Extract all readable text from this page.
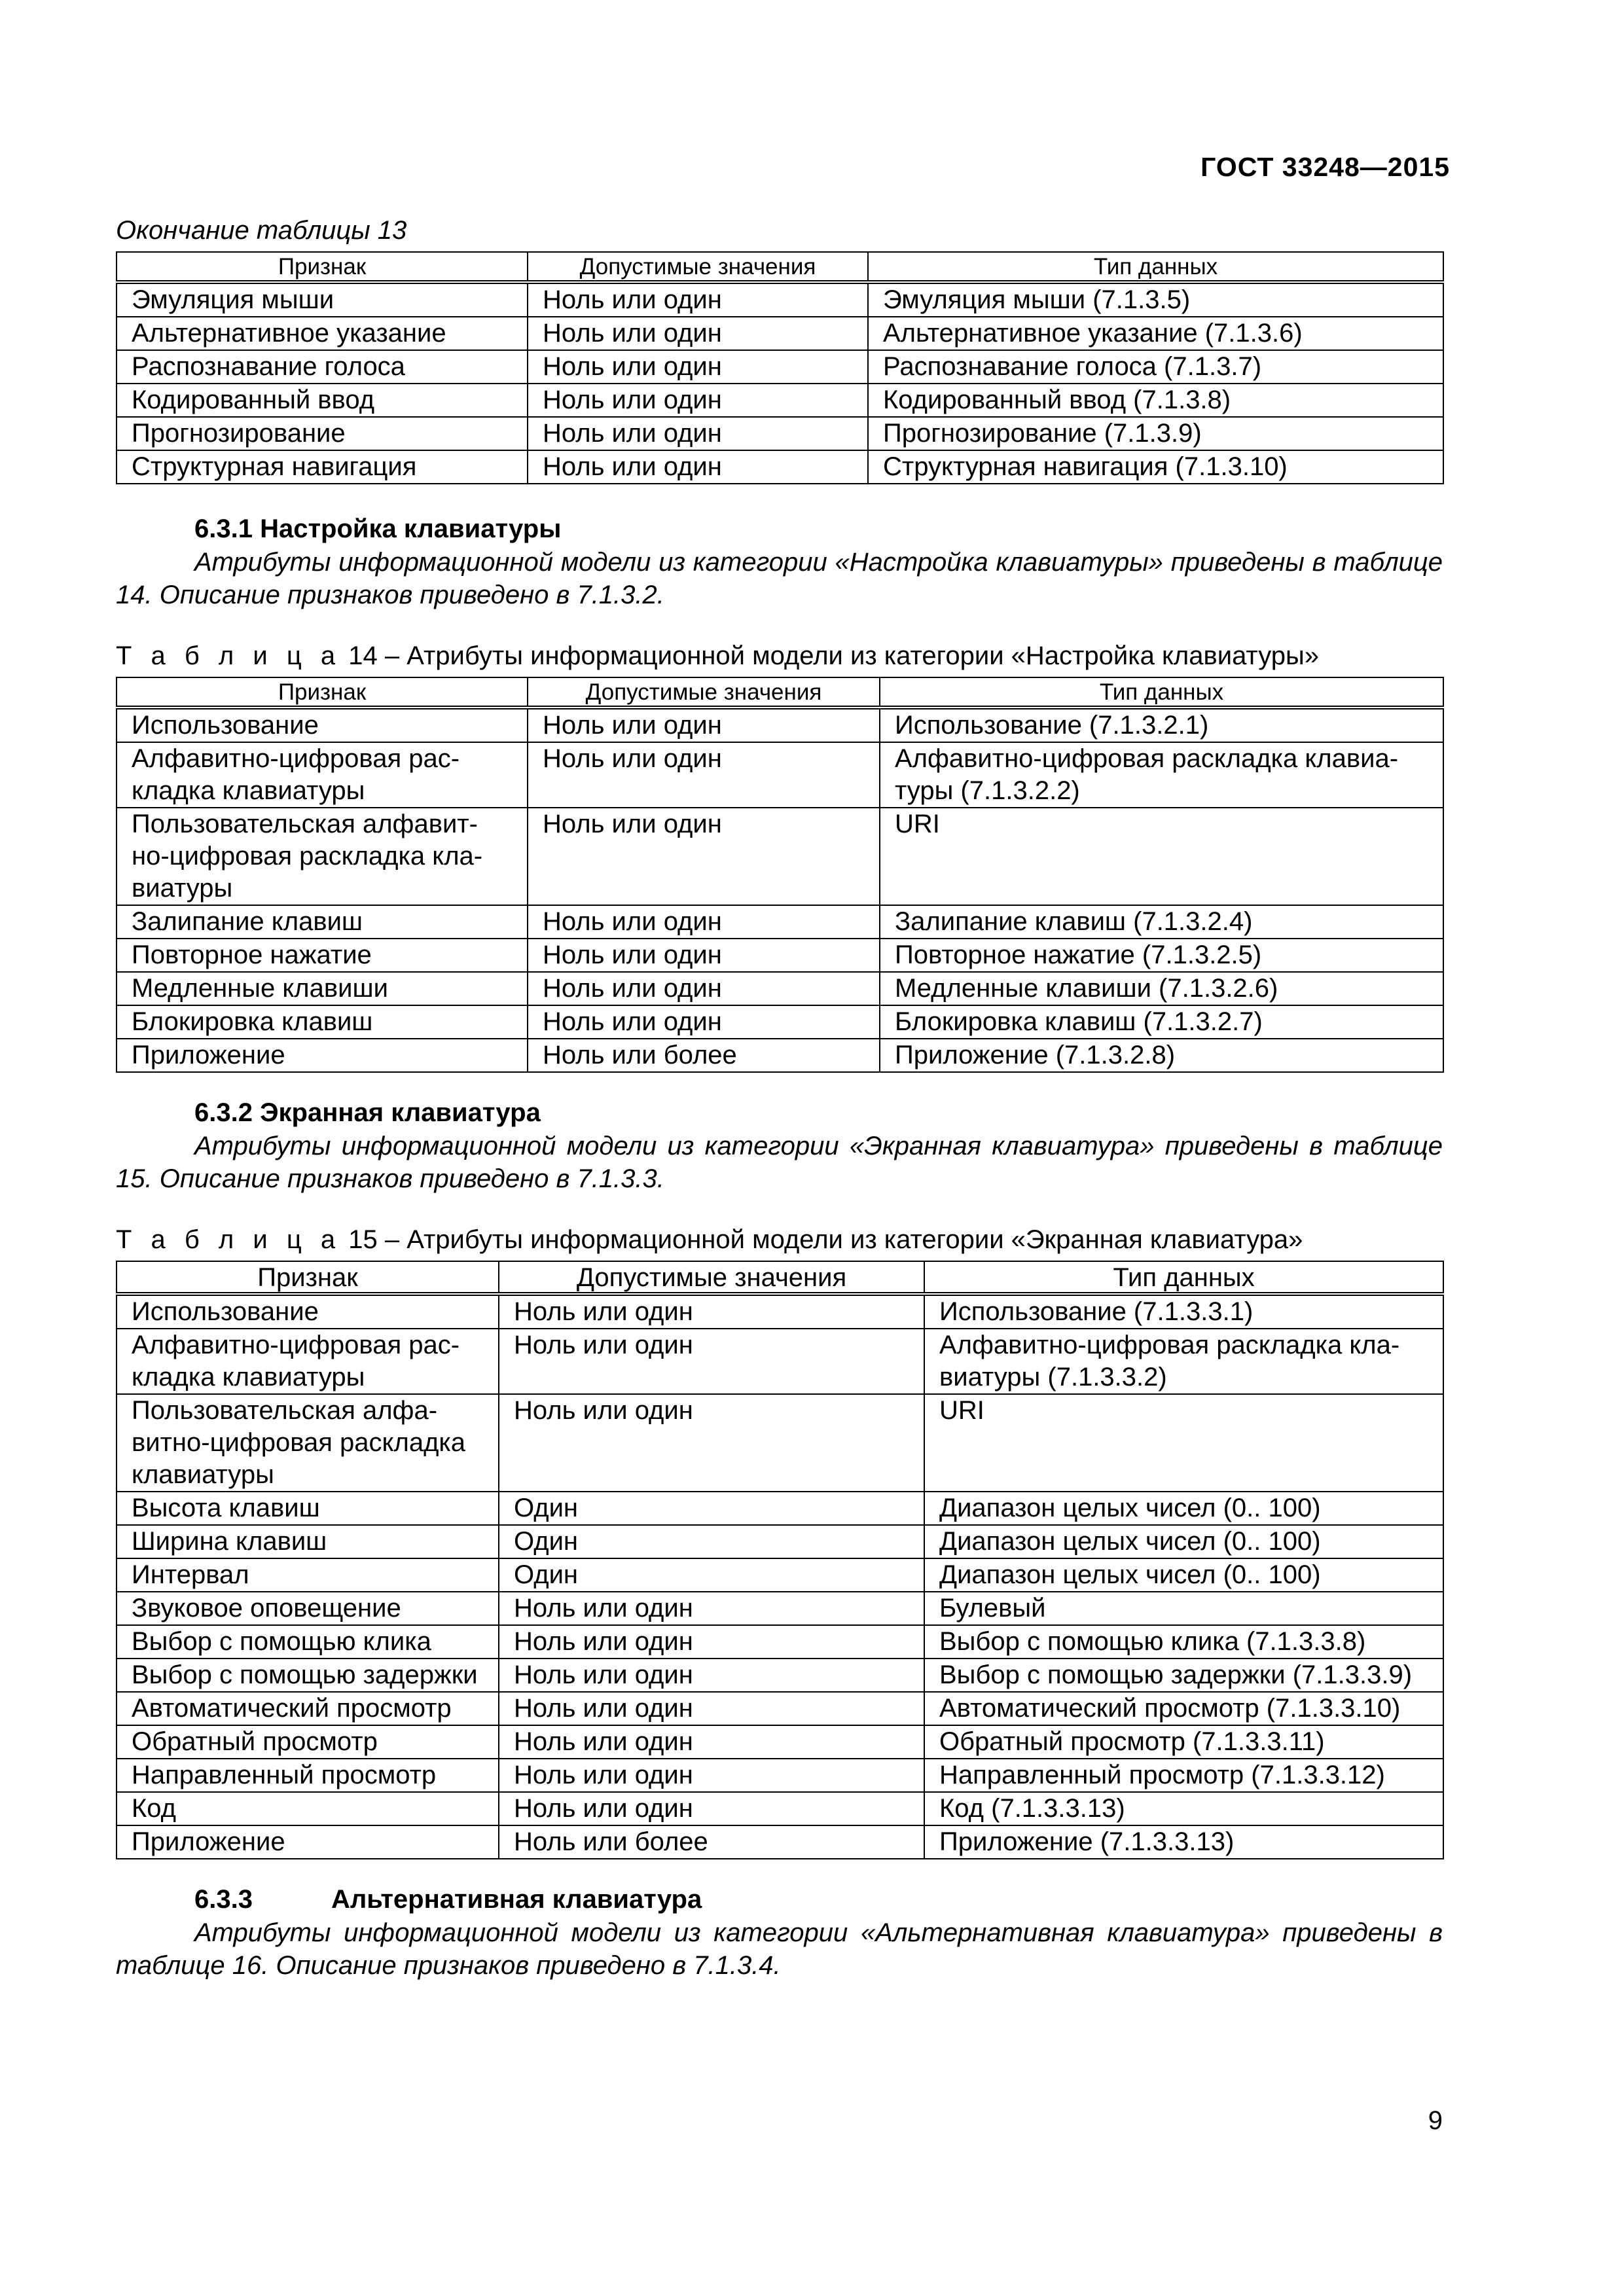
ГОСТ 33248—2015
Окончание таблицы 13
Признак	Допустимые значения	Тип данных
Эмуляция мыши	Ноль или один	Эмуляция мыши (7.1.3.5)
Альтернативное указание	Ноль или один	Альтернативное указание (7.1.3.6)
Распознавание голоса	Ноль или один	Распознавание голоса (7.1.3.7)
Кодированный ввод	Ноль или один	Кодированный ввод (7.1.3.8)
Прогнозирование	Ноль или один	Прогнозирование (7.1.3.9)
Структурная навигация	Ноль или один	Структурная навигация (7.1.3.10)
6.3.1 Настройка клавиатуры
Атрибуты информационной модели из категории «Настройка клавиатуры» приведены в таблице 14. Описание признаков приведено в 7.1.3.2.
Т а б л и ц а 14 – Атрибуты информационной модели из категории «Настройка клавиатуры»
Признак	Допустимые значения	Тип данных
Использование	Ноль или один	Использование (7.1.3.2.1)
Алфавитно-цифровая рас-кладка клавиатуры	Ноль или один	Алфавитно-цифровая раскладка клавиа-туры (7.1.3.2.2)
Пользовательская алфавит-но-цифровая раскладка кла-виатуры	Ноль или один	URI
Залипание клавиш	Ноль или один	Залипание клавиш (7.1.3.2.4)
Повторное нажатие	Ноль или один	Повторное нажатие (7.1.3.2.5)
Медленные клавиши	Ноль или один	Медленные клавиши (7.1.3.2.6)
Блокировка клавиш	Ноль или один	Блокировка клавиш (7.1.3.2.7)
Приложение	Ноль или более	Приложение (7.1.3.2.8)
6.3.2 Экранная клавиатура
Атрибуты информационной модели из категории «Экранная клавиатура» приведены в таблице 15. Описание признаков приведено в 7.1.3.3.
Т а б л и ц а 15 – Атрибуты информационной модели из категории «Экранная клавиатура»
Признак	Допустимые значения	Тип данных
Использование	Ноль или один	Использование (7.1.3.3.1)
Алфавитно-цифровая рас-кладка клавиатуры	Ноль или один	Алфавитно-цифровая раскладка кла-виатуры (7.1.3.3.2)
Пользовательская алфа-витно-цифровая раскладка клавиатуры	Ноль или один	URI
Высота клавиш	Один	Диапазон целых чисел (0.. 100)
Ширина клавиш	Один	Диапазон целых чисел (0.. 100)
Интервал	Один	Диапазон целых чисел (0.. 100)
Звуковое оповещение	Ноль или один	Булевый
Выбор с помощью клика	Ноль или один	Выбор с помощью клика (7.1.3.3.8)
Выбор с помощью задержки	Ноль или один	Выбор с помощью задержки (7.1.3.3.9)
Автоматический просмотр	Ноль или один	Автоматический просмотр (7.1.3.3.10)
Обратный просмотр	Ноль или один	Обратный просмотр (7.1.3.3.11)
Направленный просмотр	Ноль или один	Направленный просмотр (7.1.3.3.12)
Код	Ноль или один	Код (7.1.3.3.13)
Приложение	Ноль или более	Приложение (7.1.3.3.13)
6.3.3	Альтернативная клавиатура
Атрибуты информационной модели из категории «Альтернативная клавиатура» приведены в таблице 16. Описание признаков приведено в 7.1.3.4.
9
